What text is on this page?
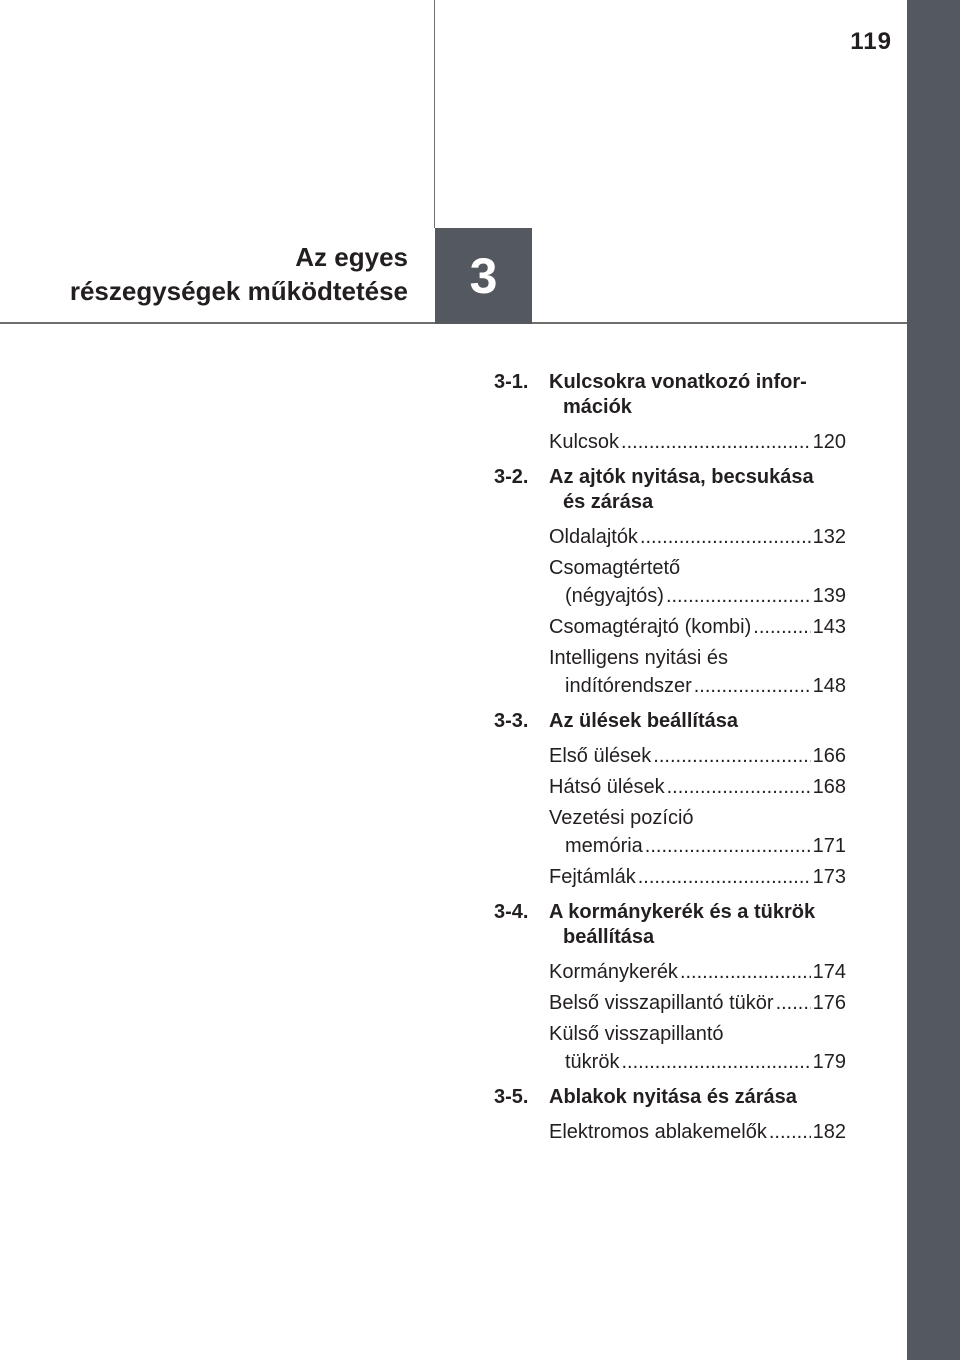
119
Az egyes
részegységek működtetése 3
3-1.	Kulcsokra vonatkozó infor-
mációk
Kulcsok .....	120
3-2.	Az ajtók nyitása, becsukása
és zárása
Oldalajtók .....	132
Csomagtértető
(négyajtós) .....	139
Csomagtérajtó (kombi) .....	143
Intelligens nyitási és
indítórendszer .....	148
3-3.	Az ülések beállítása
Első ülések .....	166
Hátsó ülések .....	168
Vezetési pozíció
memória .....	171
Fejtámlák .....	173
3-4.	A kormánykerék és a tükrök
beállítása
Kormánykerék .....	174
Belső visszapillantó tükör ..... 176
Külső visszapillantó
tükrök .....	179
3-5.	Ablakok nyitása és zárása
Elektromos ablakemelők ..... 182
